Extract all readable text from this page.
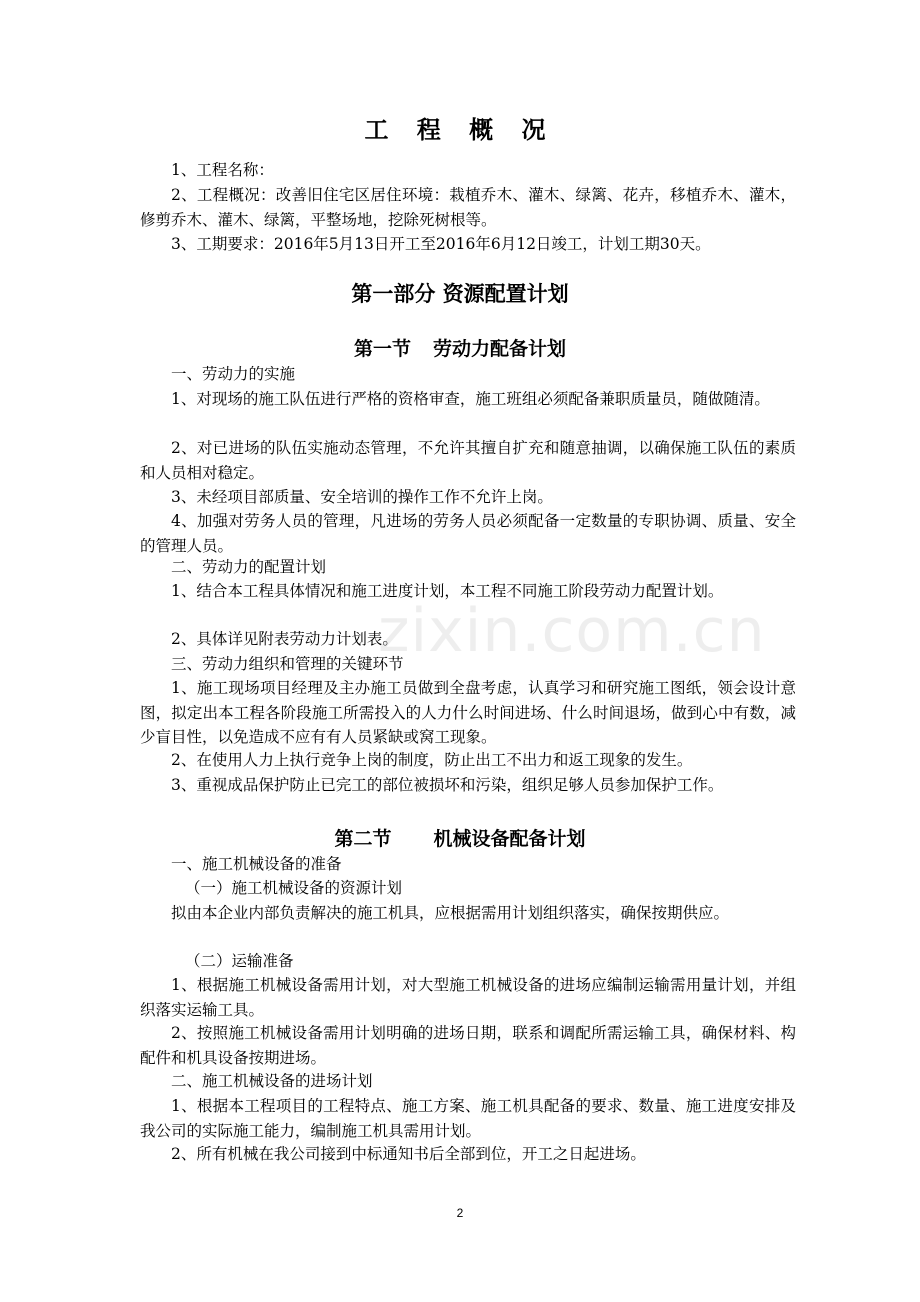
工 程 概 况
1、工程名称：
2、工程概况：改善旧住宅区居住环境：栽植乔木、灌木、绿篱、花卉，移植乔木、灌木，修剪乔木、灌木、绿篱，平整场地，挖除死树根等。
3、工期要求：2016年5月13日开工至2016年6月12日竣工，计划工期30天。
第一部分 资源配置计划
第一节 劳动力配备计划
一、劳动力的实施
1、对现场的施工队伍进行严格的资格审查，施工班组必须配备兼职质量员，随做随清。
2、对已进场的队伍实施动态管理，不允许其擅自扩充和随意抽调，以确保施工队伍的素质和人员相对稳定。
3、未经项目部质量、安全培训的操作工作不允许上岗。
4、加强对劳务人员的管理，凡进场的劳务人员必须配备一定数量的专职协调、质量、安全的管理人员。
二、劳动力的配置计划
1、结合本工程具体情况和施工进度计划，本工程不同施工阶段劳动力配置计划。
2、具体详见附表劳动力计划表。
三、劳动力组织和管理的关键环节
1、施工现场项目经理及主办施工员做到全盘考虑，认真学习和研究施工图纸，领会设计意图，拟定出本工程各阶段施工所需投入的人力什么时间进场、什么时间退场，做到心中有数，减少盲目性，以免造成不应有有人员紧缺或窝工现象。
2、在使用人力上执行竞争上岗的制度，防止出工不出力和返工现象的发生。
3、重视成品保护防止已完工的部位被损坏和污染，组织足够人员参加保护工作。
第二节 机械设备配备计划
一、施工机械设备的准备
（一）施工机械设备的资源计划
拟由本企业内部负责解决的施工机具，应根据需用计划组织落实，确保按期供应。
（二）运输准备
1、根据施工机械设备需用计划，对大型施工机械设备的进场应编制运输需用量计划，并组织落实运输工具。
2、按照施工机械设备需用计划明确的进场日期，联系和调配所需运输工具，确保材料、构配件和机具设备按期进场。
二、施工机械设备的进场计划
1、根据本工程项目的工程特点、施工方案、施工机具配备的要求、数量、施工进度安排及我公司的实际施工能力，编制施工机具需用计划。
2、所有机械在我公司接到中标通知书后全部到位，开工之日起进场。
zixin.com.cn
2
